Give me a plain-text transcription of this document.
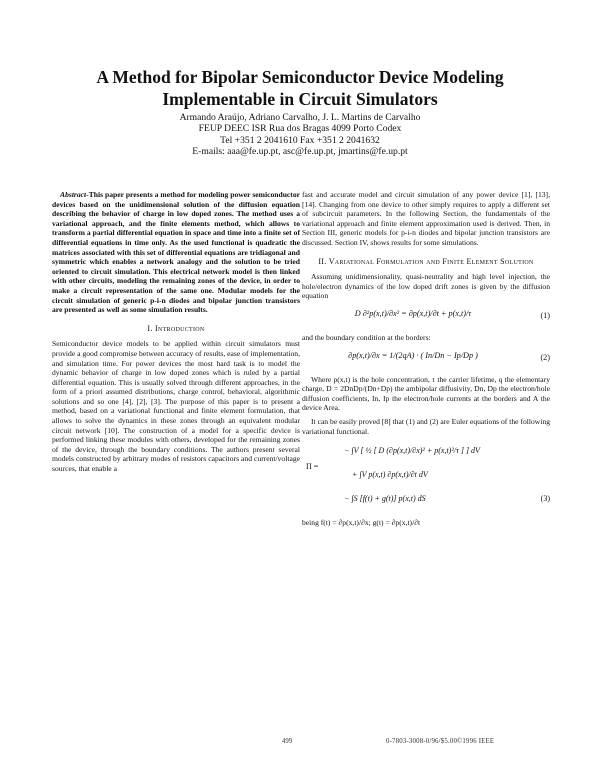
A Method for Bipolar Semiconductor Device Modeling
Implementable in Circuit Simulators
Armando Araújo, Adriano Carvalho, J. L. Martins de Carvalho
FEUP DEEC ISR Rua dos Bragas 4099 Porto Codex
Tel +351 2 2041610 Fax +351 2 2041632
E-mails: aaa@fe.up.pt, asc@fe.up.pt, jmartins@fe.up.pt

Abstract-This paper presents a method for modeling power semiconductor devices based on the unidimensional solution of the diffusion equation describing the behavior of charge in low doped zones. The method uses a variational approach, and the finite elements method, which allows to transform a partial differential equation in space and time into a finite set of differential equations in time only. As the used functional is quadratic the matrices associated with this set of differential equations are tridiagonal and symmetric which enables a network analogy and the solution to be tried oriented to circuit simulation. This electrical network model is then linked with other circuits, modeling the remaining zones of the device, in order to make a circuit representation of the same one. Modular models for the circuit simulation of generic p-i-n diodes and bipolar junction transistors are presented as well as some simulation results.

I. Introduction

Semiconductor device models to be applied within circuit simulators must provide a good compromise between accuracy of results, ease of implementation, and simulation time. For power devices the most hard task is to model the dynamic behavior of charge in low doped zones which is ruled by a partial differential equation. This is usually solved through different approaches, in the form of a priori assumed distributions, charge control, behavioral, algorithmic solutions and so one [4], [2], [3]. The purpose of this paper is to present a method, based on a variational functional and finite element formulation, that allows to solve the dynamics in these zones through an equivalent modular circuit network [10]. The construction of a model for a specific device is performed linking these modules with others, developed for the remaining zones of the device, through the boundary conditions. The authors present several models constructed by arbitrary modes of resistors capacitors and current/voltage sources, that enable a

fast and accurate model and circuit simulation of any power device [1], [13], [14]. Changing from one device to other simply requires to apply a different set of subcircuit parameters. In the following Section, the fundamentals of the variational approach and finite element approximation used is derived. Then, in Section III, generic models for p-i-n diodes and bipolar junction transistors are discussed. Section IV, shows results for some simulations.

II. Variational Formulation and Finite Element Solution

Assuming unidimensionality, quasi-neutrality and high level injection, the hole/electron dynamics of the low doped drift zones is given by the diffusion equation

D ∂²p(x,t)/∂x² = ∂p(x,t)/∂t + p(x,t)/τ	(1)

and the boundary condition at the borders:

∂p(x,t)/∂x = 1/(2qA) · ( In/Dn − Ip/Dp )	(2)

Where p(x,t) is the hole concentration, τ the carrier lifetime, q the elementary charge, D = 2DnDp/(Dn+Dp) the ambipolar diffusivity, Dn, Dp the electron/hole diffusion coefficients, In, Ip the electron/hole currents at the borders and A the device Area.

It can be easily proved [8] that (1) and (2) are Euler equations of the following variational functional.

Π =
− ∫V [ ½ [ D (∂p(x,t)/∂x)² + p(x,t)²/τ ] ] dV
+ ∫V p(x,t) ∂p(x,t)/∂t dV
− ∫S [f(t) + g(t)] p(x,t) dS	(3)

being f(t) = ∂p(x,t)/∂x; g(t) = ∂p(x,t)/∂t

499	0-7803-3008-0/96/$5.00©1996 IEEE
